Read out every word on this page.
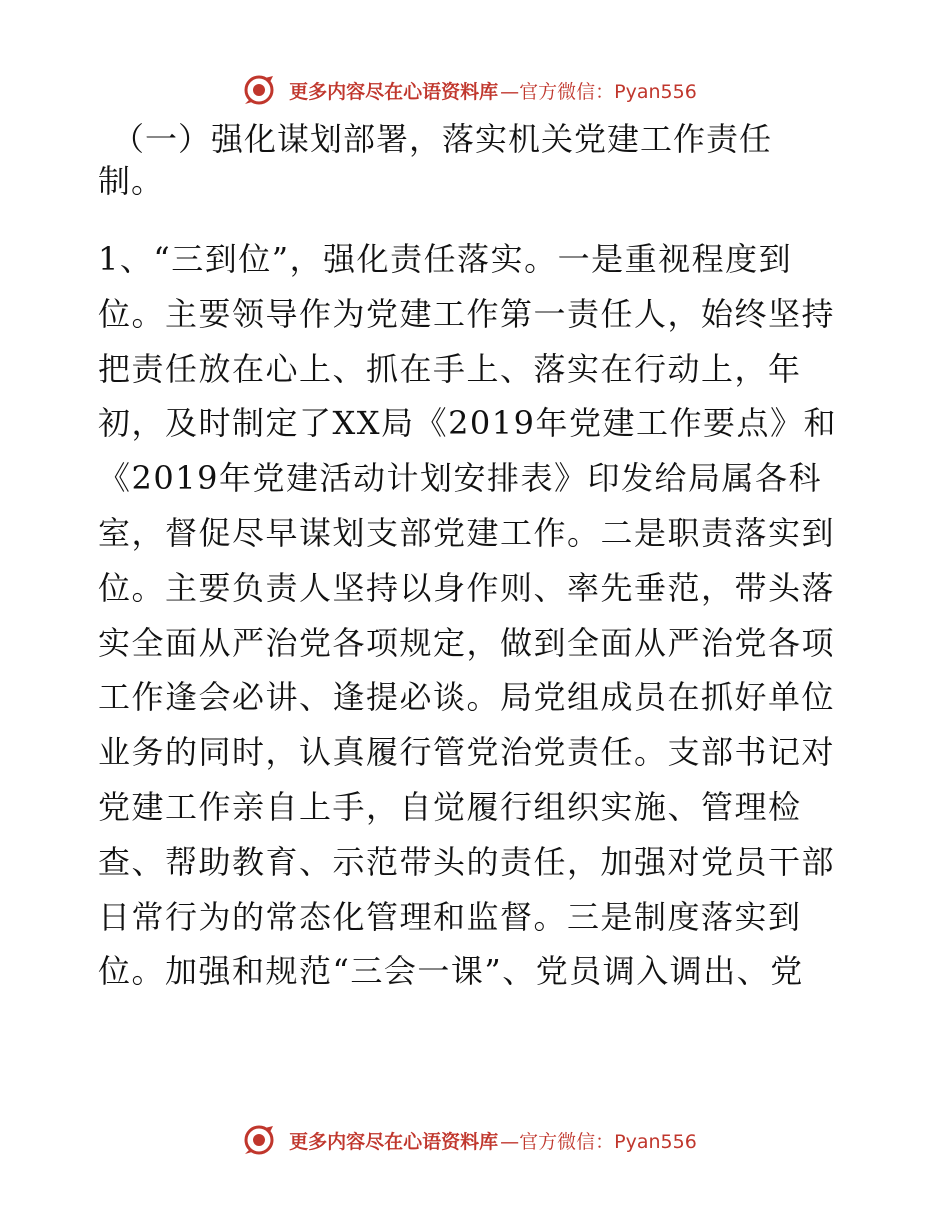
更多内容尽在心语资料库 —官方微信：Pyan556

（一）强化谋划部署，落实机关党建工作责任

制。

1、“三到位”，强化责任落实。一是重视程度到
位。主要领导作为党建工作第一责任人，始终坚持
把责任放在心上、抓在手上、落实在行动上，年
初，及时制定了XX局《2019年党建工作要点》和
《2019年党建活动计划安排表》印发给局属各科
室，督促尽早谋划支部党建工作。二是职责落实到
位。主要负责人坚持以身作则、率先垂范，带头落
实全面从严治党各项规定，做到全面从严治党各项
工作逢会必讲、逢提必谈。局党组成员在抓好单位
业务的同时，认真履行管党治党责任。支部书记对
党建工作亲自上手，自觉履行组织实施、管理检
查、帮助教育、示范带头的责任，加强对党员干部
日常行为的常态化管理和监督。三是制度落实到
位。加强和规范“三会一课”、党员调入调出、党

更多内容尽在心语资料库 —官方微信：Pyan556
